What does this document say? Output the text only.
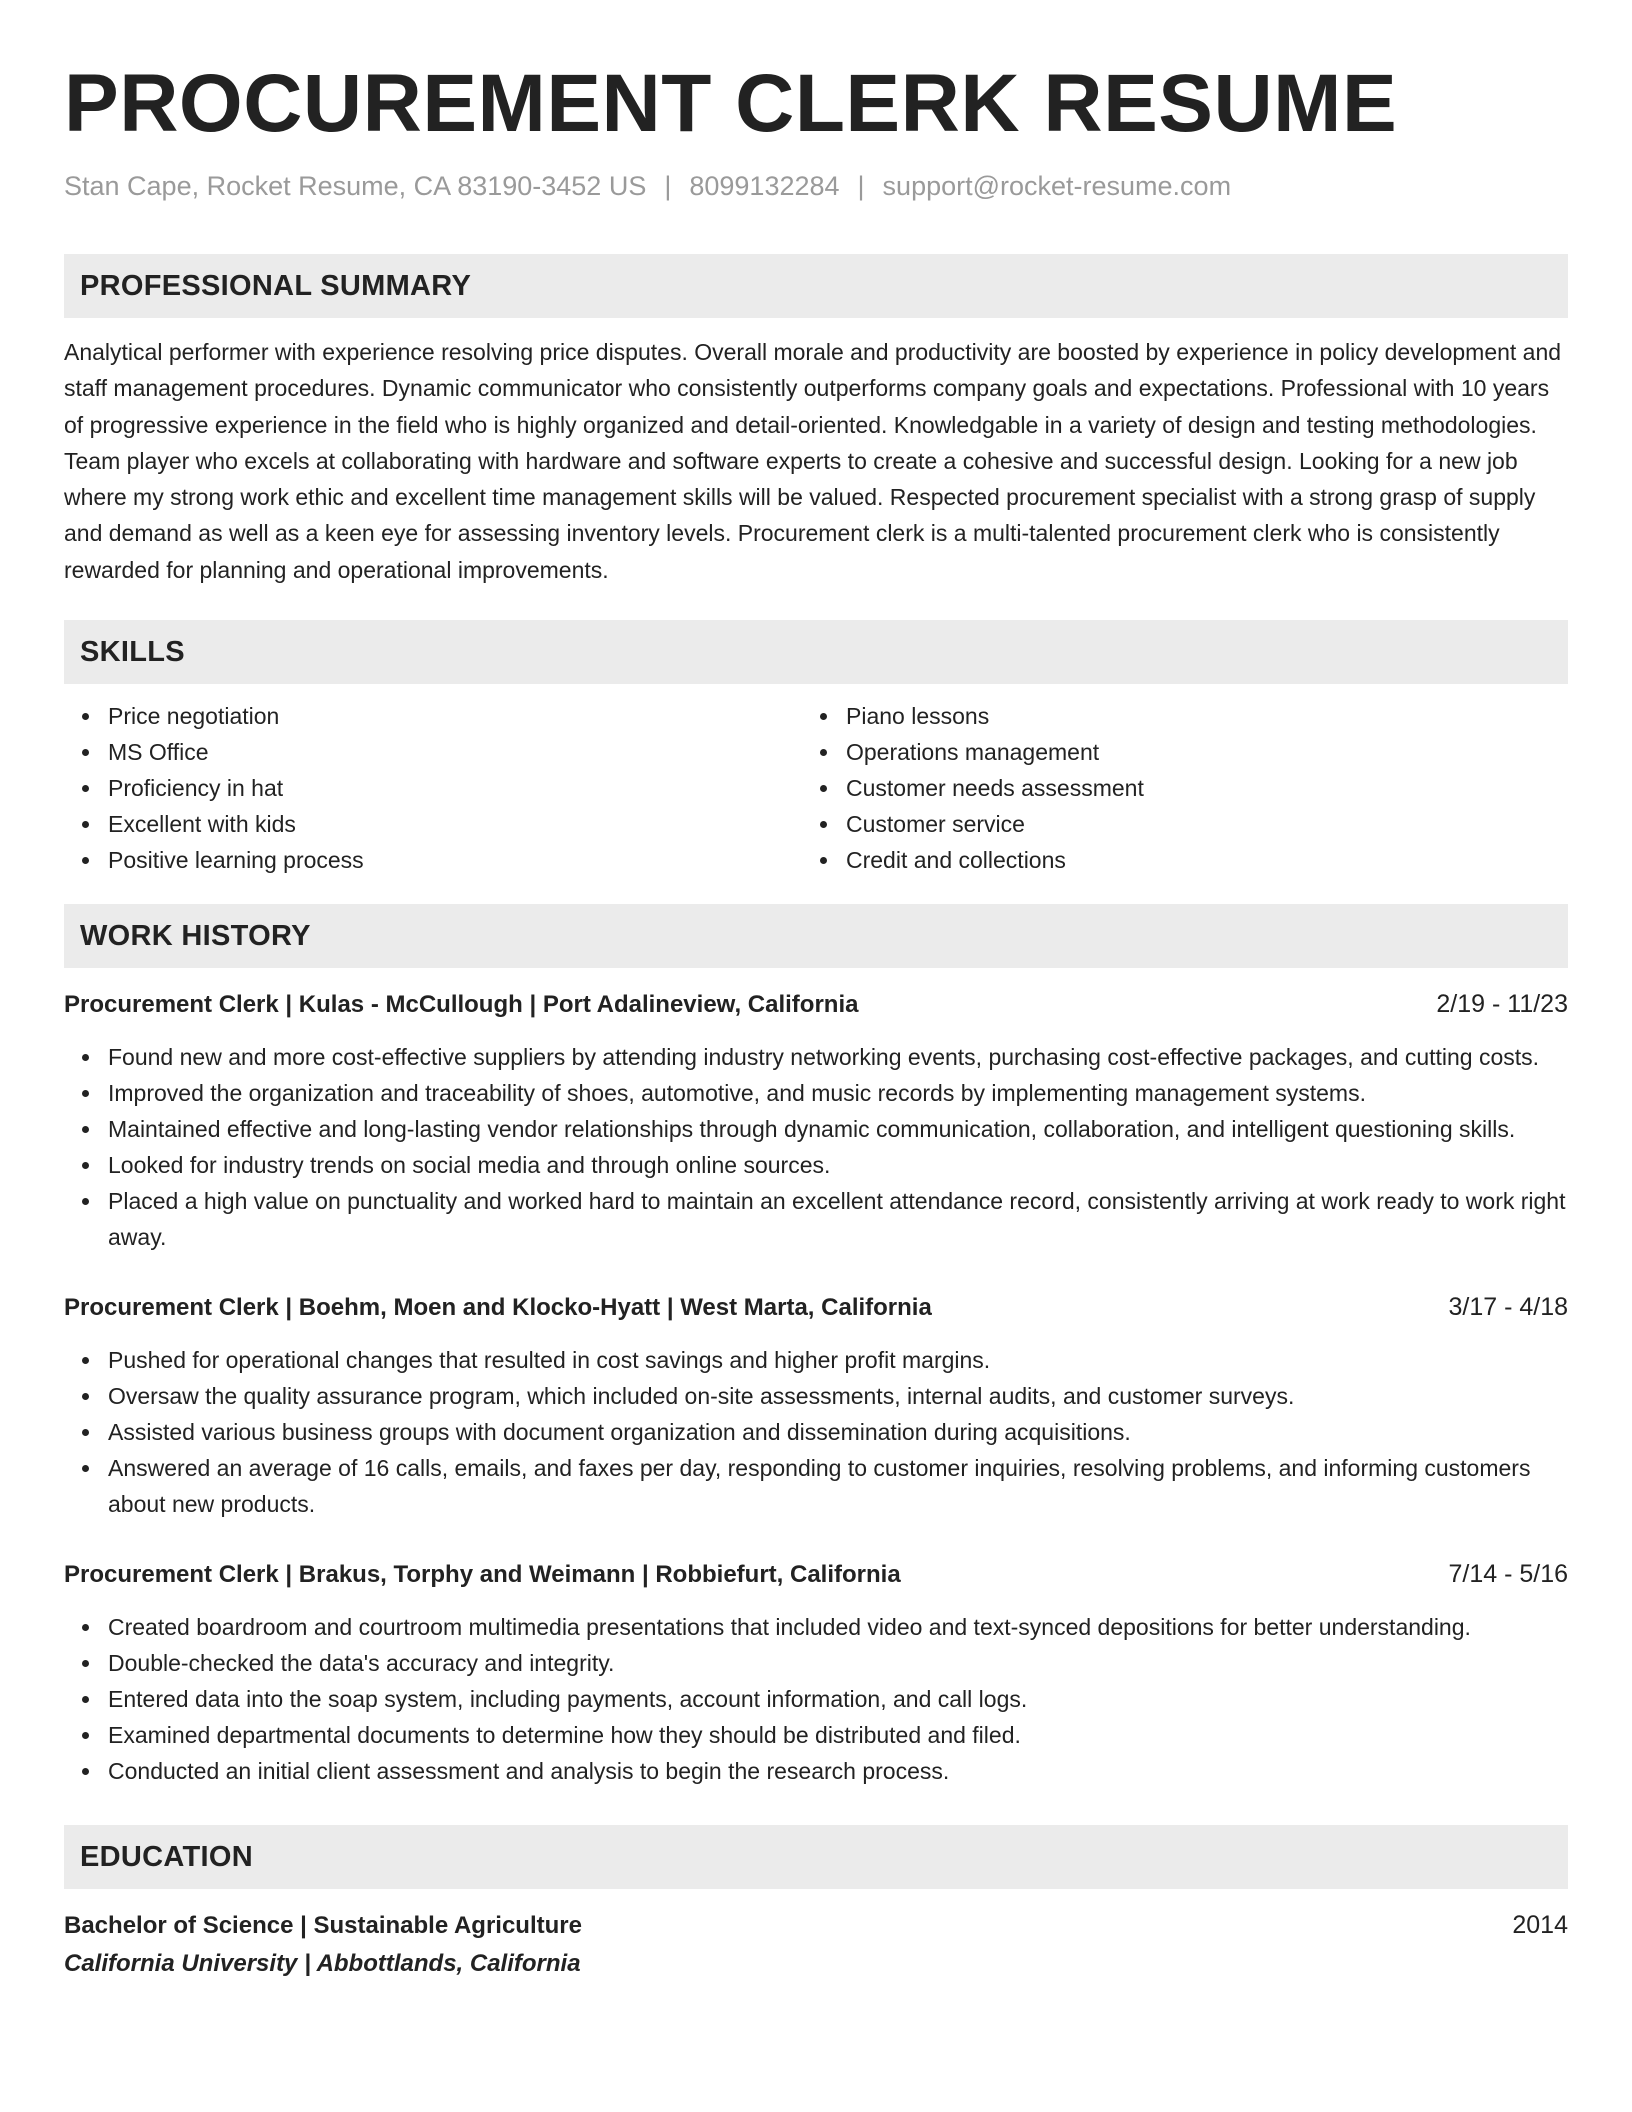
PROCUREMENT CLERK RESUME
Stan Cape, Rocket Resume, CA 83190-3452 US | 8099132284 | support@rocket-resume.com
PROFESSIONAL SUMMARY

Analytical performer with experience resolving price disputes. Overall morale and productivity are boosted by experience in policy development and staff management procedures. Dynamic communicator who consistently outperforms company goals and expectations. Professional with 10 years of progressive experience in the field who is highly organized and detail-oriented. Knowledgable in a variety of design and testing methodologies. Team player who excels at collaborating with hardware and software experts to create a cohesive and successful design. Looking for a new job where my strong work ethic and excellent time management skills will be valued. Respected procurement specialist with a strong grasp of supply and demand as well as a keen eye for assessing inventory levels. Procurement clerk is a multi-talented procurement clerk who is consistently rewarded for planning and operational improvements.

SKILLS
Price negotiation
MS Office
Proficiency in hat
Excellent with kids
Positive learning process
Piano lessons
Operations management
Customer needs assessment
Customer service
Credit and collections
WORK HISTORY
Procurement Clerk | Kulas - McCullough | Port Adalineview, California	2/19 - 11/23
Found new and more cost-effective suppliers by attending industry networking events, purchasing cost-effective packages, and cutting costs.
Improved the organization and traceability of shoes, automotive, and music records by implementing management systems.
Maintained effective and long-lasting vendor relationships through dynamic communication, collaboration, and intelligent questioning skills.
Looked for industry trends on social media and through online sources.
Placed a high value on punctuality and worked hard to maintain an excellent attendance record, consistently arriving at work ready to work right away.
Procurement Clerk | Boehm, Moen and Klocko-Hyatt | West Marta, California	3/17 - 4/18
Pushed for operational changes that resulted in cost savings and higher profit margins.
Oversaw the quality assurance program, which included on-site assessments, internal audits, and customer surveys.
Assisted various business groups with document organization and dissemination during acquisitions.
Answered an average of 16 calls, emails, and faxes per day, responding to customer inquiries, resolving problems, and informing customers about new products.
Procurement Clerk | Brakus, Torphy and Weimann | Robbiefurt, California	7/14 - 5/16
Created boardroom and courtroom multimedia presentations that included video and text-synced depositions for better understanding.
Double-checked the data's accuracy and integrity.
Entered data into the soap system, including payments, account information, and call logs.
Examined departmental documents to determine how they should be distributed and filed.
Conducted an initial client assessment and analysis to begin the research process.
EDUCATION
Bachelor of Science | Sustainable Agriculture	2014
California University | Abbottlands, California
